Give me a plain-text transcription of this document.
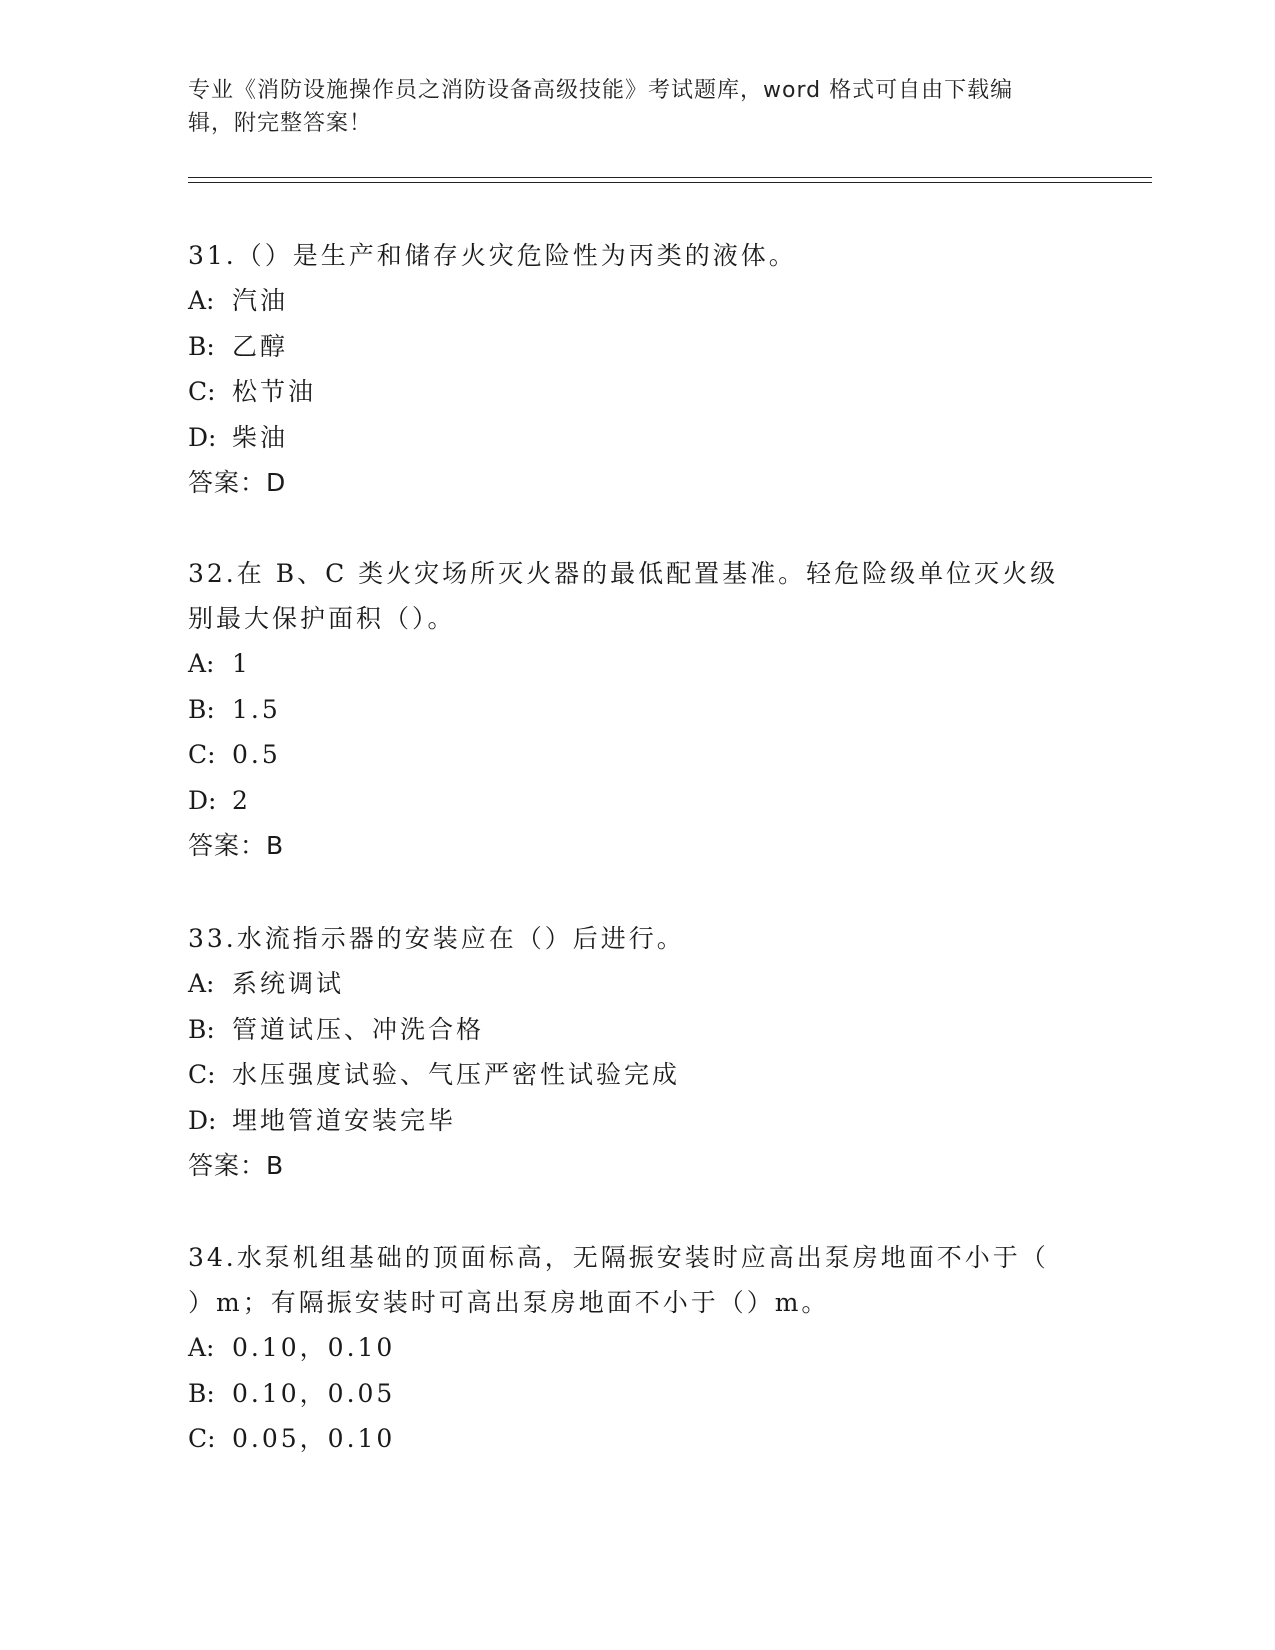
专业《消防设施操作员之消防设备高级技能》考试题库，word 格式可自由下载编
辑，附完整答案！
31.（）是生产和储存火灾危险性为丙类的液体。
A: 汽油
B: 乙醇
C: 松节油
D: 柴油
答案：D
32.在 B、C 类火灾场所灭火器的最低配置基准。轻危险级单位灭火级
别最大保护面积（）。
A: 1
B: 1.5
C: 0.5
D: 2
答案：B
33.水流指示器的安装应在（）后进行。
A: 系统调试
B: 管道试压、冲洗合格
C: 水压强度试验、气压严密性试验完成
D: 埋地管道安装完毕
答案：B
34.水泵机组基础的顶面标高，无隔振安装时应高出泵房地面不小于（
）m；有隔振安装时可高出泵房地面不小于（）m。
A: 0.10，0.10
B: 0.10，0.05
C: 0.05，0.10
